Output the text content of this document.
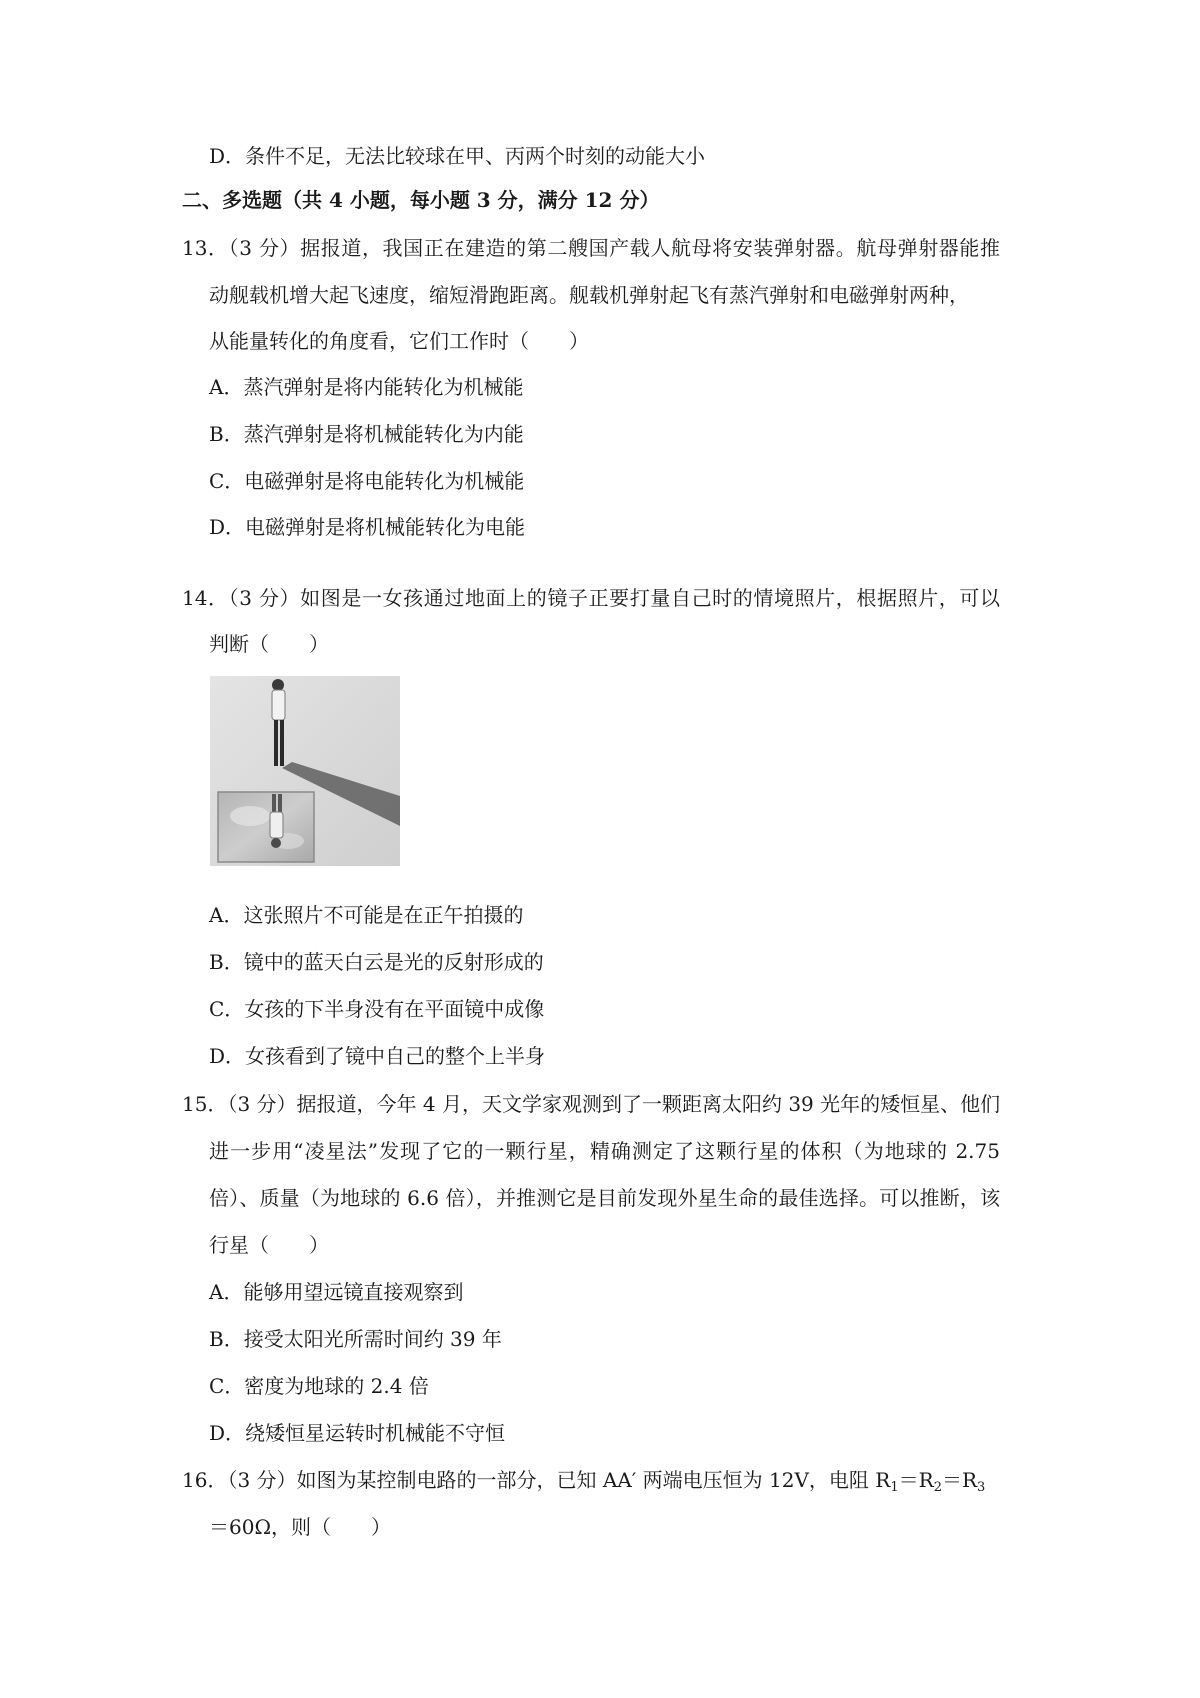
D．条件不足，无法比较球在甲、丙两个时刻的动能大小

二、多选题（共 4 小题，每小题 3 分，满分 12 分）

13．（3 分）据报道，我国正在建造的第二艘国产载人航母将安装弹射器。航母弹射器能推

动舰载机增大起飞速度，缩短滑跑距离。舰载机弹射起飞有蒸汽弹射和电磁弹射两种，

从能量转化的角度看，它们工作时（　　）

A．蒸汽弹射是将内能转化为机械能

B．蒸汽弹射是将机械能转化为内能

C．电磁弹射是将电能转化为机械能

D．电磁弹射是将机械能转化为电能

14．（3 分）如图是一女孩通过地面上的镜子正要打量自己时的情境照片，根据照片，可以

判断（　　）

A．这张照片不可能是在正午拍摄的

B．镜中的蓝天白云是光的反射形成的

C．女孩的下半身没有在平面镜中成像

D．女孩看到了镜中自己的整个上半身

15．（3 分）据报道，今年 4 月，天文学家观测到了一颗距离太阳约 39 光年的矮恒星、他们

进一步用“凌星法”发现了它的一颗行星，精确测定了这颗行星的体积（为地球的 2.75

倍）、质量（为地球的 6.6 倍），并推测它是目前发现外星生命的最佳选择。可以推断，该

行星（　　）

A．能够用望远镜直接观察到

B．接受太阳光所需时间约 39 年

C．密度为地球的 2.4 倍

D．绕矮恒星运转时机械能不守恒

16．（3 分）如图为某控制电路的一部分，已知 AA′ 两端电压恒为 12V，电阻 $R_1=R_2=R_3$

＝60Ω，则（　　）
